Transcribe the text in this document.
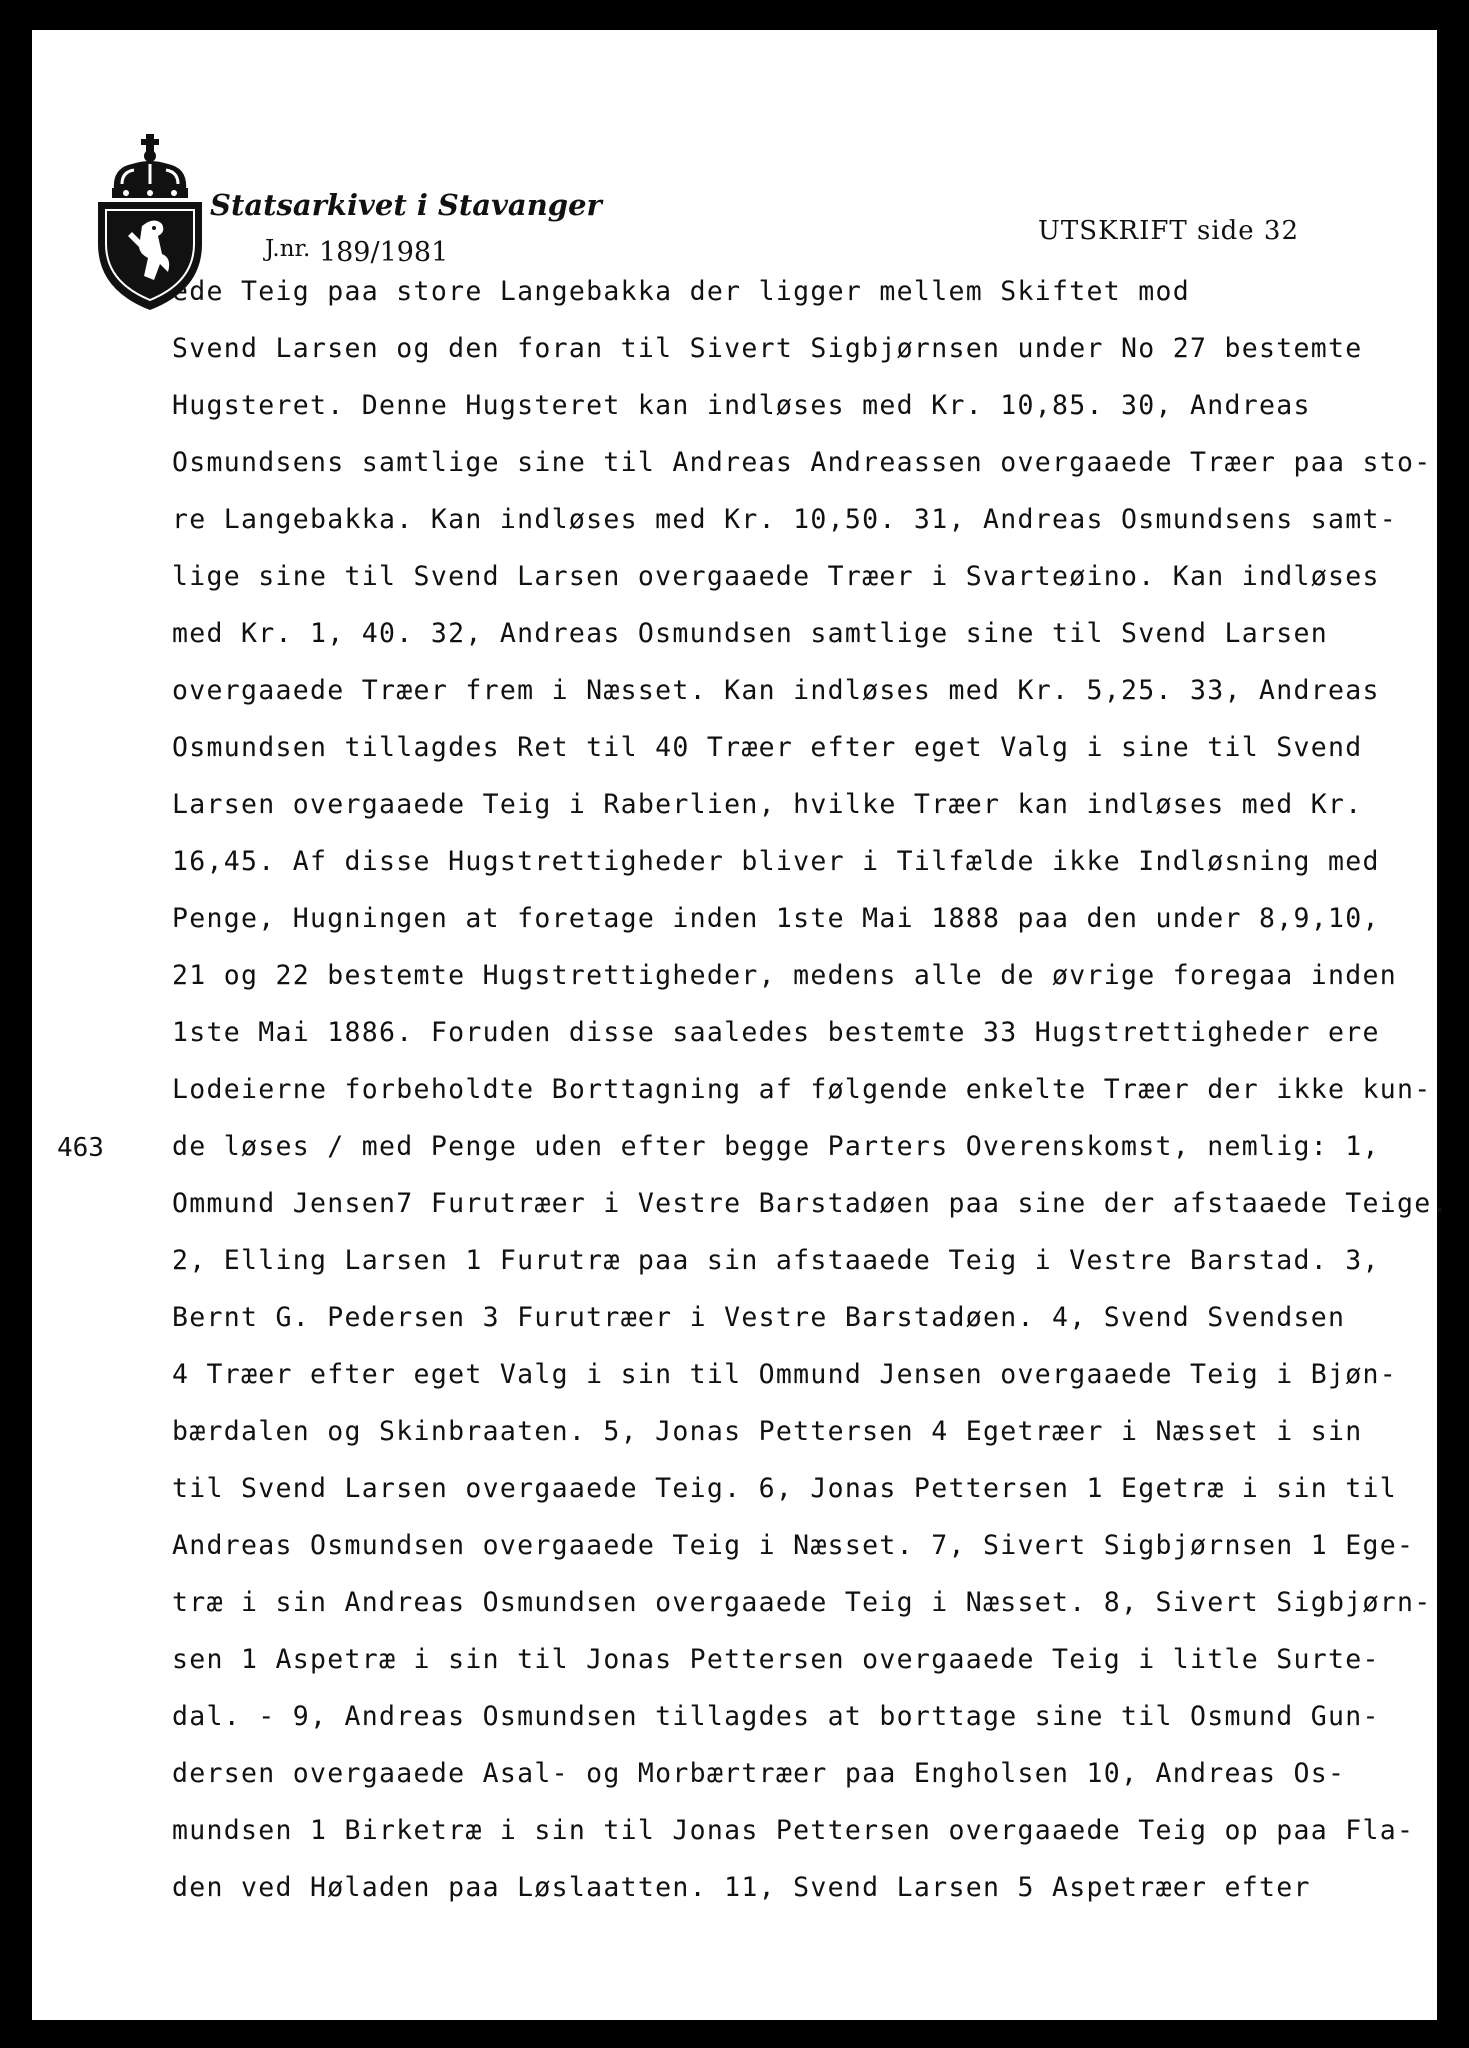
Statsarkivet i Stavanger
J.nr. 189/1981
UTSKRIFT side 32
463
ede Teig paa store Langebakka der ligger mellem Skiftet mod
Svend Larsen og den foran til Sivert Sigbjørnsen under No 27 bestemte
Hugsteret. Denne Hugsteret kan indløses med Kr. 10,85. 30, Andreas
Osmundsens samtlige sine til Andreas Andreassen overgaaede Træer paa sto-
re Langebakka. Kan indløses med Kr. 10,50. 31, Andreas Osmundsens samt-
lige sine til Svend Larsen overgaaede Træer i Svarteøino. Kan indløses
med Kr. 1, 40. 32, Andreas Osmundsen samtlige sine til Svend Larsen
overgaaede Træer frem i Næsset. Kan indløses med Kr. 5,25. 33, Andreas
Osmundsen tillagdes Ret til 40 Træer efter eget Valg i sine til Svend
Larsen overgaaede Teig i Raberlien, hvilke Træer kan indløses med Kr.
16,45. Af disse Hugstrettigheder bliver i Tilfælde ikke Indløsning med
Penge, Hugningen at foretage inden 1ste Mai 1888 paa den under 8,9,10,
21 og 22 bestemte Hugstrettigheder, medens alle de øvrige foregaa inden
1ste Mai 1886. Foruden disse saaledes bestemte 33 Hugstrettigheder ere
Lodeierne forbeholdte Borttagning af følgende enkelte Træer der ikke kun-
de løses / med Penge uden efter begge Parters Overenskomst, nemlig: 1,
Ommund Jensen7 Furutræer i Vestre Barstadøen paa sine der afstaaede Teige.
2, Elling Larsen 1 Furutræ paa sin afstaaede Teig i Vestre Barstad. 3,
Bernt G. Pedersen 3 Furutræer i Vestre Barstadøen. 4, Svend Svendsen
4 Træer efter eget Valg i sin til Ommund Jensen overgaaede Teig i Bjøn-
bærdalen og Skinbraaten. 5, Jonas Pettersen 4 Egetræer i Næsset i sin
til Svend Larsen overgaaede Teig. 6, Jonas Pettersen 1 Egetræ i sin til
Andreas Osmundsen overgaaede Teig i Næsset. 7, Sivert Sigbjørnsen 1 Ege-
træ i sin Andreas Osmundsen overgaaede Teig i Næsset. 8, Sivert Sigbjørn-
sen 1 Aspetræ i sin til Jonas Pettersen overgaaede Teig i litle Surte-
dal. - 9, Andreas Osmundsen tillagdes at borttage sine til Osmund Gun-
dersen overgaaede Asal- og Morbærtræer paa Engholsen 10, Andreas Os-
mundsen 1 Birketræ i sin til Jonas Pettersen overgaaede Teig op paa Fla-
den ved Høladen paa Løslaatten. 11, Svend Larsen 5 Aspetræer efter
